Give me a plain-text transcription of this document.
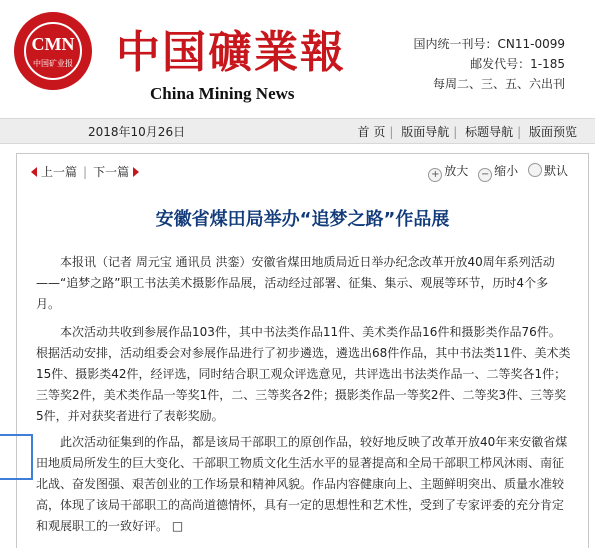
CMN
中国矿业报 中国礦業報
China Mining News
国内统一刊号：CN11-0099
邮发代号：1-185
每周二、三、五、六出刊
2018年10月26日	首 页 | 版面导航 | 标题导航 | 版面预览
上一篇 | 下一篇	+ 放大 − 缩小 默认
安徽省煤田局举办“追梦之路”作品展

本报讯（记者 周元宝 通讯员 洪銮）安徽省煤田地质局近日举办纪念改革开放40周年系列活动——“追梦之路”职工书法美术摄影作品展，活动经过部署、征集、集示、观展等环节，历时4个多月。

本次活动共收到参展作品103件，其中书法类作品11件、美术类作品16件和摄影类作品76件。根据活动安排，活动组委会对参展作品进行了初步遴选，遴选出68件作品，其中书法类11件、美术类15件、摄影类42件，经评选，同时结合职工观众评选意见，共评选出书法类作品一、二等奖各1件；三等奖2件，美术类作品一等奖1件，二、三等奖各2件；摄影类作品一等奖2件、二等奖3件、三等奖5件，并对获奖者进行了表彰奖励。

此次活动征集到的作品，都是该局干部职工的原创作品，较好地反映了改革开放40年来安徽省煤田地质局所发生的巨大变化、干部职工物质文化生活水平的显著提高和全局干部职工栉风沐雨、南征北战、奋发图强、艰苦创业的工作场景和精神风貌。作品内容健康向上、主题鲜明突出、质量水准较高，体现了该局干部职工的高尚道德情怀，具有一定的思想性和艺术性，受到了专家评委的充分肯定和观展职工的一致好评。 □
